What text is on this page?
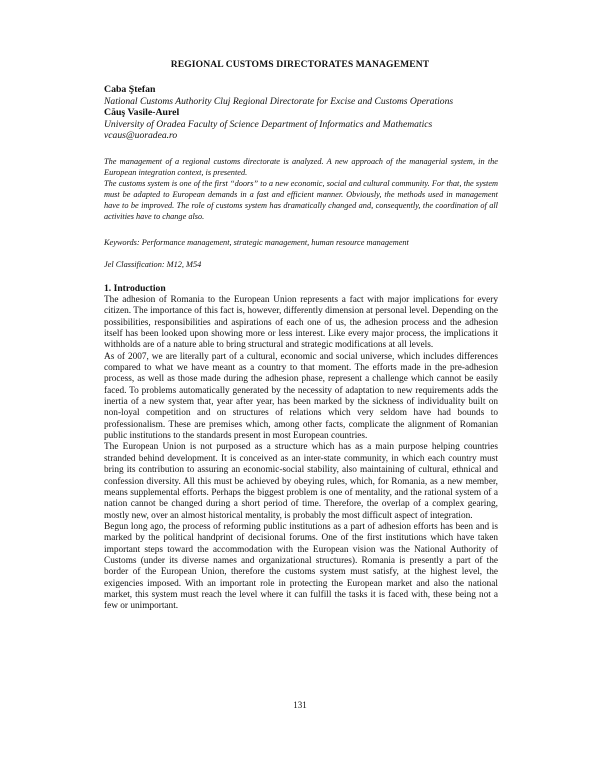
REGIONAL CUSTOMS DIRECTORATES MANAGEMENT
Caba Ştefan
National Customs Authority Cluj Regional Directorate for Excise and Customs Operations
Căuş Vasile-Aurel
University of Oradea Faculty of Science Department of Informatics and Mathematics
vcaus@uoradea.ro

The management of a regional customs directorate is analyzed. A new approach of the managerial system, in the European integration context, is presented.

The customs system is one of the first “doors” to a new economic, social and cultural community. For that, the system must be adapted to European demands in a fast and efficient manner. Obviously, the methods used in management have to be improved. The role of customs system has dramatically changed and, consequently, the coordination of all activities have to change also.

Keywords: Performance management, strategic management, human resource management
Jel Classification: M12, M54
1. Introduction

The adhesion of Romania to the European Union represents a fact with major implications for every citizen. The importance of this fact is, however, differently dimension at personal level. Depending on the possibilities, responsibilities and aspirations of each one of us, the adhesion process and the adhesion itself has been looked upon showing more or less interest. Like every major process, the implications it withholds are of a nature able to bring structural and strategic modifications at all levels.

As of 2007, we are literally part of a cultural, economic and social universe, which includes differences compared to what we have meant as a country to that moment. The efforts made in the pre-adhesion process, as well as those made during the adhesion phase, represent a challenge which cannot be easily faced. To problems automatically generated by the necessity of adaptation to new requirements adds the inertia of a new system that, year after year, has been marked by the sickness of individuality built on non-loyal competition and on structures of relations which very seldom have had bounds to professionalism. These are premises which, among other facts, complicate the alignment of Romanian public institutions to the standards present in most European countries.

The European Union is not purposed as a structure which has as a main purpose helping countries stranded behind development. It is conceived as an inter-state community, in which each country must bring its contribution to assuring an economic-social stability, also maintaining of cultural, ethnical and confession diversity. All this must be achieved by obeying rules, which, for Romania, as a new member, means supplemental efforts. Perhaps the biggest problem is one of mentality, and the rational system of a nation cannot be changed during a short period of time. Therefore, the overlap of a complex gearing, mostly new, over an almost historical mentality, is probably the most difficult aspect of integration.

Begun long ago, the process of reforming public institutions as a part of adhesion efforts has been and is marked by the political handprint of decisional forums. One of the first institutions which have taken important steps toward the accommodation with the European vision was the National Authority of Customs (under its diverse names and organizational structures). Romania is presently a part of the border of the European Union, therefore the customs system must satisfy, at the highest level, the exigencies imposed. With an important role in protecting the European market and also the national market, this system must reach the level where it can fulfill the tasks it is faced with, these being not a few or unimportant.

131
